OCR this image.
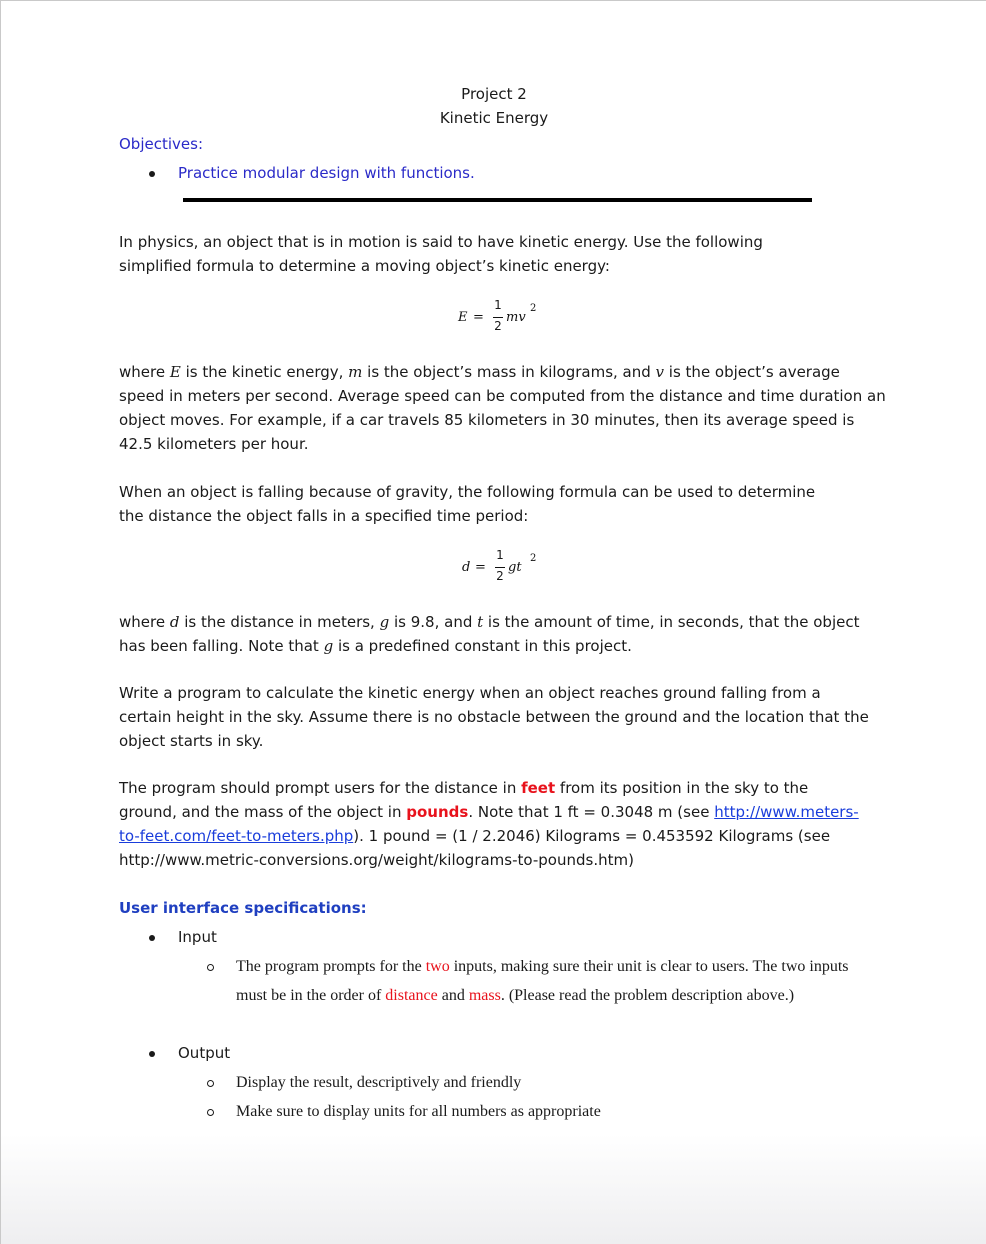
Project 2
Kinetic Energy
Objectives:
Practice modular design with functions.
In physics, an object that is in motion is said to have kinetic energy. Use the following simplified formula to determine a moving object’s kinetic energy:
E =
1
2
mv
2
where E is the kinetic energy, m is the object’s mass in kilograms, and v is the object’s average speed in meters per second. Average speed can be computed from the distance and time duration an object moves. For example, if a car travels 85 kilometers in 30 minutes, then its average speed is 42.5 kilometers per hour.
When an object is falling because of gravity, the following formula can be used to determine the distance the object falls in a specified time period:
d =
1
2
gt
2
where d is the distance in meters, g is 9.8, and t is the amount of time, in seconds, that the object has been falling. Note that g is a predefined constant in this project.
Write a program to calculate the kinetic energy when an object reaches ground falling from a certain height in the sky. Assume there is no obstacle between the ground and the location that the object starts in sky.
The program should prompt users for the distance in feet from its position in the sky to the ground, and the mass of the object in pounds. Note that 1 ft = 0.3048 m (see http://www.meters-to-feet.com/feet-to-meters.php). 1 pound = (1 / 2.2046) Kilograms = 0.453592 Kilograms (see http://www.metric-conversions.org/weight/kilograms-to-pounds.htm)
User interface specifications:
Input
The program prompts for the two inputs, making sure their unit is clear to users. The two inputs must be in the order of distance and mass. (Please read the problem description above.)
Output
Display the result, descriptively and friendly
Make sure to display units for all numbers as appropriate
